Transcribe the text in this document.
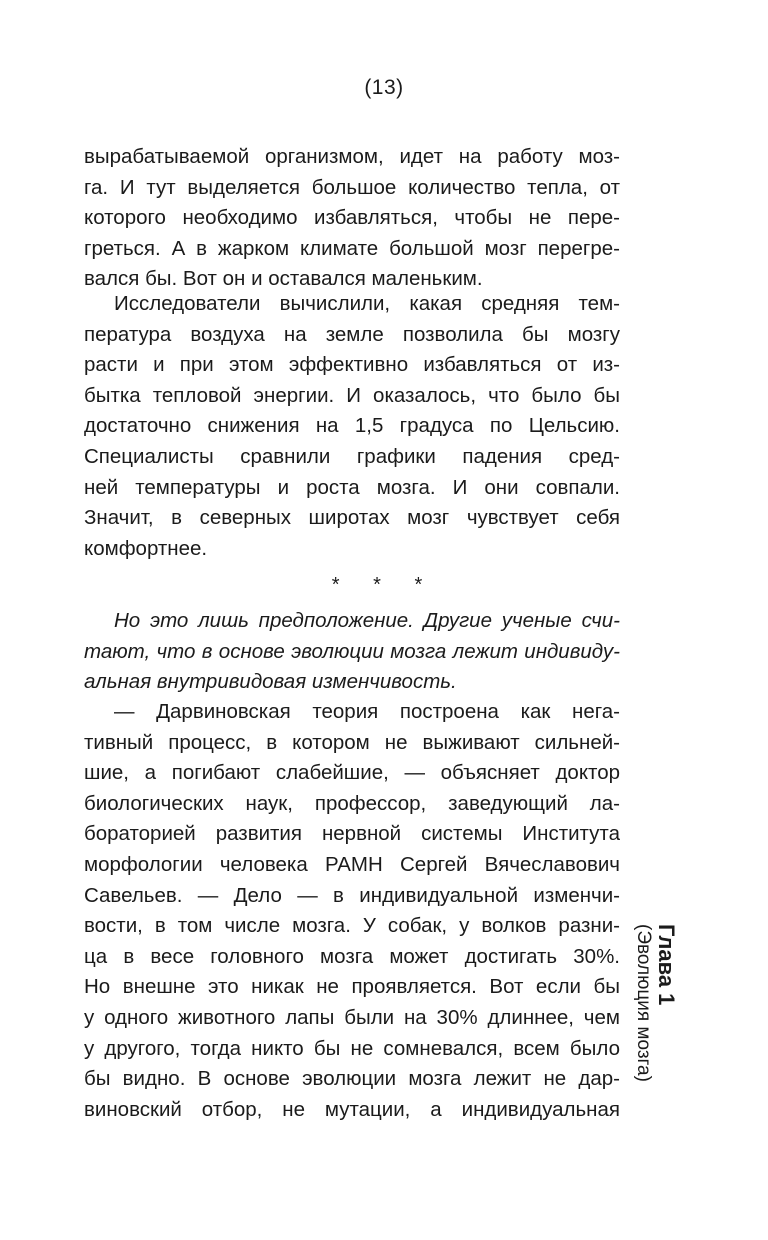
(13)
вырабатываемой организмом, идет на работу моз-
га. И тут выделяется большое количество тепла, от
которого необходимо избавляться, чтобы не пере-
греться. А в жарком климате большой мозг перегре-
вался бы. Вот он и оставался маленьким.
Исследователи вычислили, какая средняя тем-
пература воздуха на земле позволила бы мозгу
расти и при этом эффективно избавляться от из-
бытка тепловой энергии. И оказалось, что было бы
достаточно снижения на 1,5 градуса по Цельсию.
Специалисты сравнили графики падения сред-
ней температуры и роста мозга. И они совпали.
Значит, в северных широтах мозг чувствует себя
комфортнее.
* * *
Но это лишь предположение. Другие ученые счи-
тают, что в основе эволюции мозга лежит индивиду-
альная внутривидовая изменчивость.
— Дарвиновская теория построена как нега-
тивный процесс, в котором не выживают сильней-
шие, а погибают слабейшие, — объясняет доктор
биологических наук, профессор, заведующий ла-
бораторией развития нервной системы Института
морфологии человека РАМН Сергей Вячеславович
Савельев. — Дело — в индивидуальной изменчи-
вости, в том числе мозга. У собак, у волков разни-
ца в весе головного мозга может достигать 30%.
Но внешне это никак не проявляется. Вот если бы
у одного животного лапы были на 30% длиннее, чем
у другого, тогда никто бы не сомневался, всем было
бы видно. В основе эволюции мозга лежит не дар-
виновский отбор, не мутации, а индивидуальная
Глава 1
(Эволюция мозга)
